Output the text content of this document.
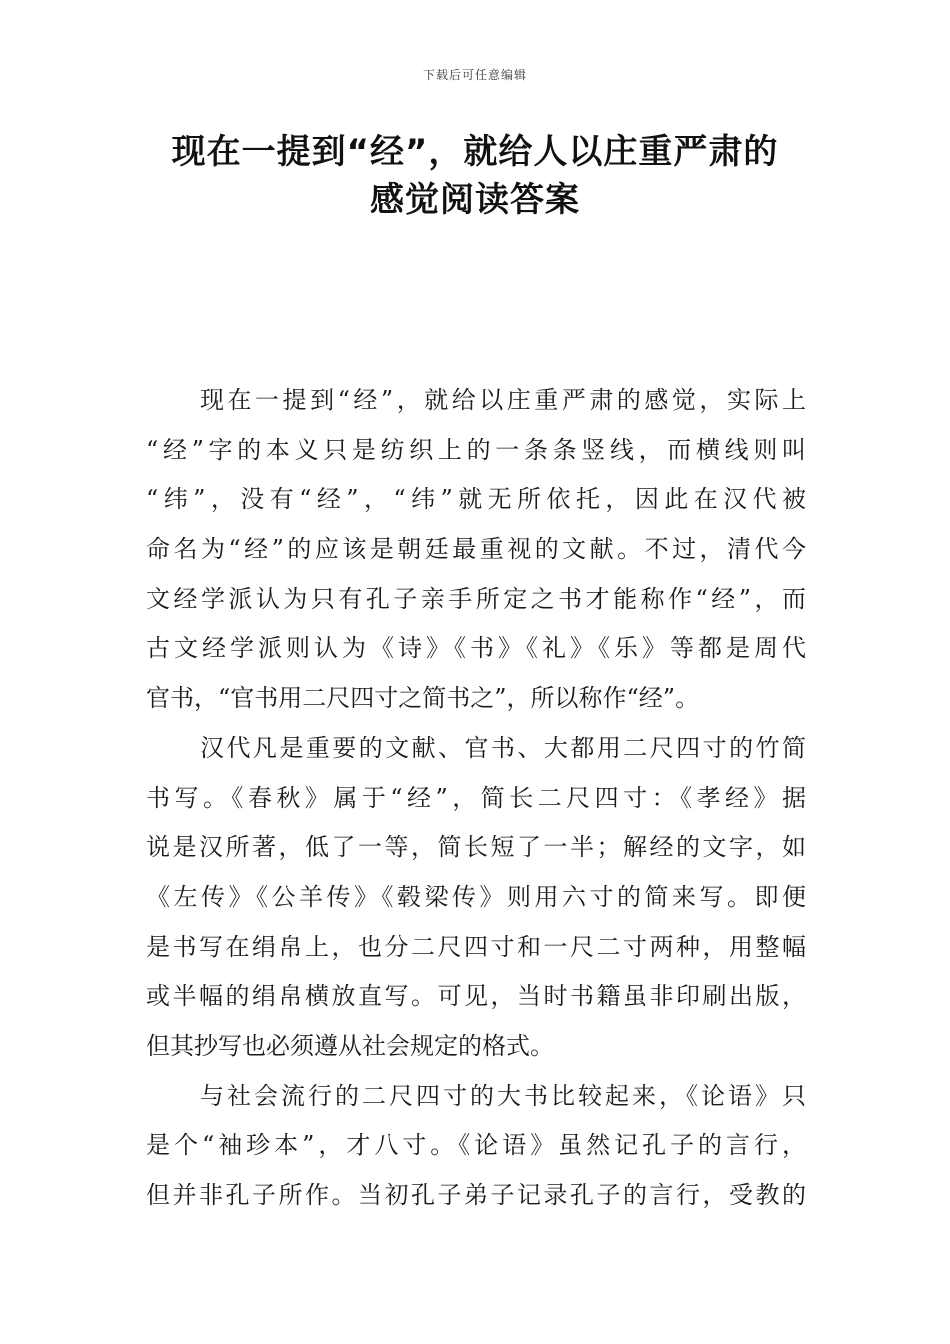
下载后可任意编辑
现在一提到“经”，就给人以庄重严肃的
感觉阅读答案
现在一提到“经”，就给以庄重严肃的感觉，实际上
“经”字的本义只是纺织上的一条条竖线，而横线则叫
“纬”，没有“经”，“纬”就无所依托，因此在汉代被
命名为“经”的应该是朝廷最重视的文献。不过，清代今
文经学派认为只有孔子亲手所定之书才能称作“经”，而
古文经学派则认为《诗》《书》《礼》《乐》等都是周代
官书，“官书用二尺四寸之简书之”，所以称作“经”。
汉代凡是重要的文献、官书、大都用二尺四寸的竹简
书写。《春秋》属于“经”，简长二尺四寸：《孝经》据
说是汉所著，低了一等，简长短了一半；解经的文字，如
《左传》《公羊传》《毂梁传》则用六寸的简来写。即便
是书写在绢帛上，也分二尺四寸和一尺二寸两种，用整幅
或半幅的绢帛横放直写。可见，当时书籍虽非印刷出版，
但其抄写也必须遵从社会规定的格式。
与社会流行的二尺四寸的大书比较起来，《论语》只
是个“袖珍本”，才八寸。《论语》虽然记孔子的言行，
但并非孔子所作。当初孔子弟子记录孔子的言行，受教的
